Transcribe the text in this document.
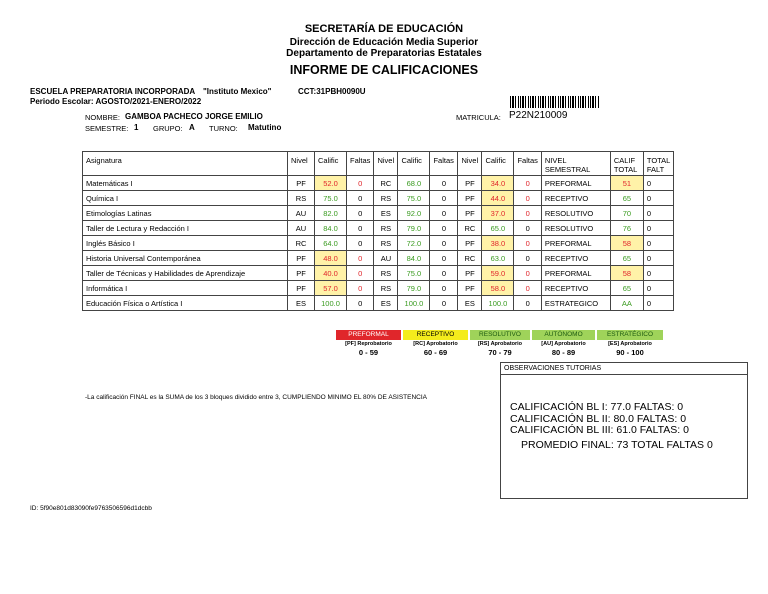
SECRETARÍA DE EDUCACIÓN
Dirección de Educación Media Superior
Departamento de Preparatorias Estatales
INFORME DE CALIFICACIONES
ESCUELA PREPARATORIA INCORPORADA "Instituto Mexico"	CCT:31PBH0090U
Periodo Escolar: AGOSTO/2021-ENERO/2022
NOMBRE: GAMBOA PACHECO JORGE EMILIO
SEMESTRE: 1 GRUPO: A TURNO: Matutino
MATRICULA: P22N210009
Asignatura	Nivel	Calific	Faltas	Nivel	Calific	Faltas	Nivel	Calific	Faltas	NIVEL SEMESTRAL	CALIF TOTAL	TOTAL FALT
Matemáticas I	PF	52.0	0	RC	68.0	0	PF	34.0	0	PREFORMAL	51	0
Química I	RS	75.0	0	RS	75.0	0	PF	44.0	0	RECEPTIVO	65	0
Etimologías Latinas	AU	82.0	0	ES	92.0	0	PF	37.0	0	RESOLUTIVO	70	0
Taller de Lectura y Redacción I	AU	84.0	0	RS	79.0	0	RC	65.0	0	RESOLUTIVO	76	0
Inglés Básico I	RC	64.0	0	RS	72.0	0	PF	38.0	0	PREFORMAL	58	0
Historia Universal Contemporánea	PF	48.0	0	AU	84.0	0	RC	63.0	0	RECEPTIVO	65	0
Taller de Técnicas y Habilidades de Aprendizaje	PF	40.0	0	RS	75.0	0	PF	59.0	0	PREFORMAL	58	0
Informática I	PF	57.0	0	RS	79.0	0	PF	58.0	0	RECEPTIVO	65	0
Educación Física o Artística I	ES	100.0	0	ES	100.0	0	ES	100.0	0	ESTRATEGICO	AA	0
PREFORMAL
[PF] Reprobatorio
0 - 59
RECEPTIVO
[RC] Aprobatorio
60 - 69
RESOLUTIVO
[RS] Aprobatorio
70 - 79
AUTÓNOMO
[AU] Aprobatorio
80 - 89
ESTRATÉGICO
[ES] Aprobatorio
90 - 100
-La calificación FINAL es la SUMA de los 3 bloques dividido entre 3, CUMPLIENDO MINIMO EL 80% DE ASISTENCIA
OBSERVACIONES TUTORIAS
CALIFICACIÓN BL I: 77.0 FALTAS: 0
CALIFICACIÓN BL II: 80.0 FALTAS: 0
CALIFICACIÓN BL III: 61.0 FALTAS: 0
PROMEDIO FINAL: 73 TOTAL FALTAS 0
ID: 5f90e801d83090fe9763506596d1dcbb
